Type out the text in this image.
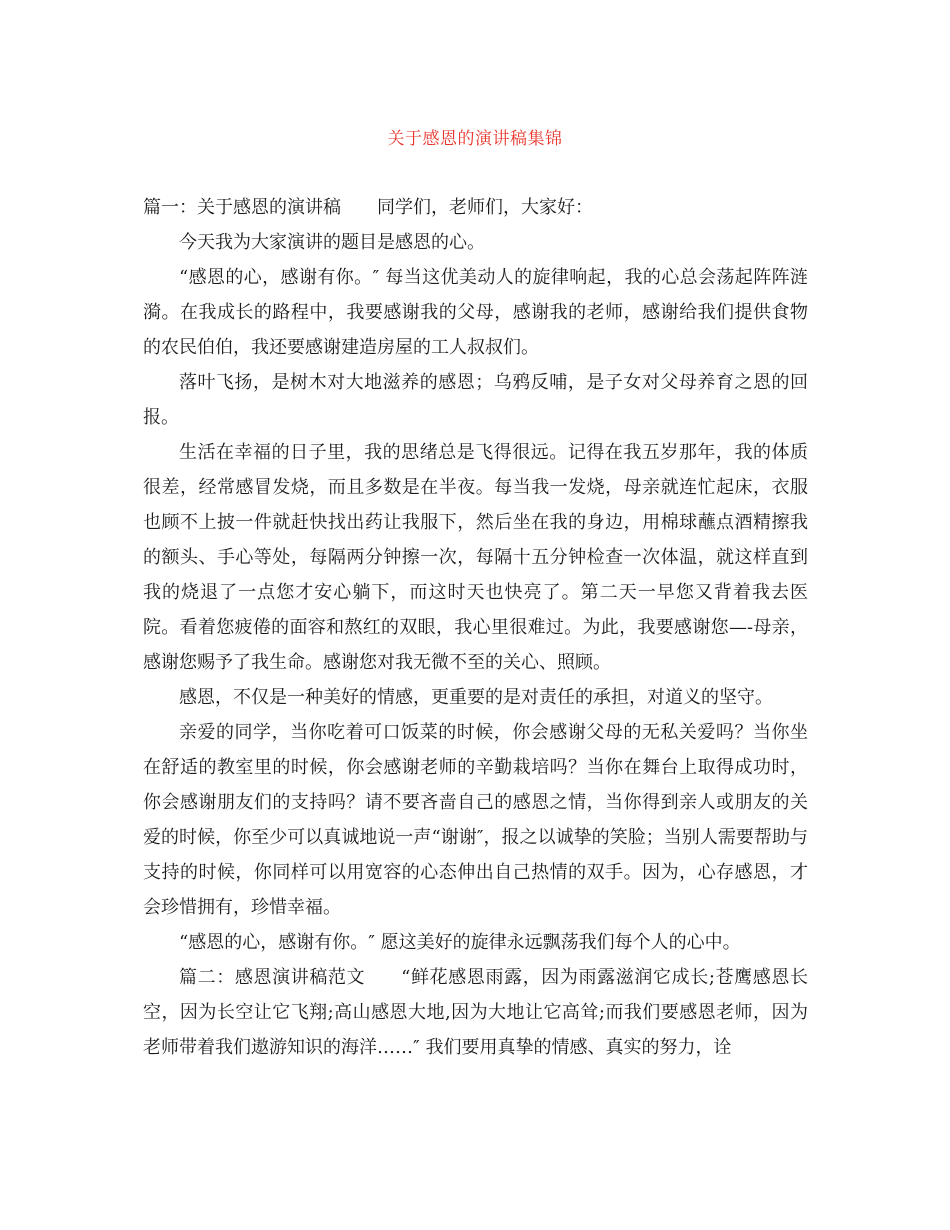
关于感恩的演讲稿集锦

篇一：关于感恩的演讲稿 同学们，老师们，大家好：

今天我为大家演讲的题目是感恩的心。

“感恩的心，感谢有你。″ 每当这优美动人的旋律响起，我的心总会荡起阵阵涟漪。在我成长的路程中，我要感谢我的父母，感谢我的老师，感谢给我们提供食物的农民伯伯，我还要感谢建造房屋的工人叔叔们。

落叶飞扬，是树木对大地滋养的感恩；乌鸦反哺，是子女对父母养育之恩的回报。

生活在幸福的日子里，我的思绪总是飞得很远。记得在我五岁那年，我的体质很差，经常感冒发烧，而且多数是在半夜。每当我一发烧，母亲就连忙起床，衣服也顾不上披一件就赶快找出药让我服下，然后坐在我的身边，用棉球蘸点酒精擦我的额头、手心等处，每隔两分钟擦一次，每隔十五分钟检查一次体温，就这样直到我的烧退了一点您才安心躺下，而这时天也快亮了。第二天一早您又背着我去医院。看着您疲倦的面容和熬红的双眼，我心里很难过。为此，我要感谢您—-母亲，感谢您赐予了我生命。感谢您对我无微不至的关心、照顾。

感恩，不仅是一种美好的情感，更重要的是对责任的承担，对道义的坚守。

亲爱的同学，当你吃着可口饭菜的时候，你会感谢父母的无私关爱吗？当你坐在舒适的教室里的时候，你会感谢老师的辛勤栽培吗？当你在舞台上取得成功时，你会感谢朋友们的支持吗？请不要吝啬自己的感恩之情，当你得到亲人或朋友的关爱的时候，你至少可以真诚地说一声“谢谢″，报之以诚挚的笑脸；当别人需要帮助与支持的时候，你同样可以用宽容的心态伸出自己热情的双手。因为，心存感恩，才会珍惜拥有，珍惜幸福。

“感恩的心，感谢有你。″ 愿这美好的旋律永远飘荡我们每个人的心中。

篇二：感恩演讲稿范文 “鲜花感恩雨露，因为雨露滋润它成长;苍鹰感恩长空，因为长空让它飞翔;高山感恩大地,因为大地让它高耸;而我们要感恩老师，因为老师带着我们遨游知识的海洋……″ 我们要用真挚的情感、真实的努力，诠
